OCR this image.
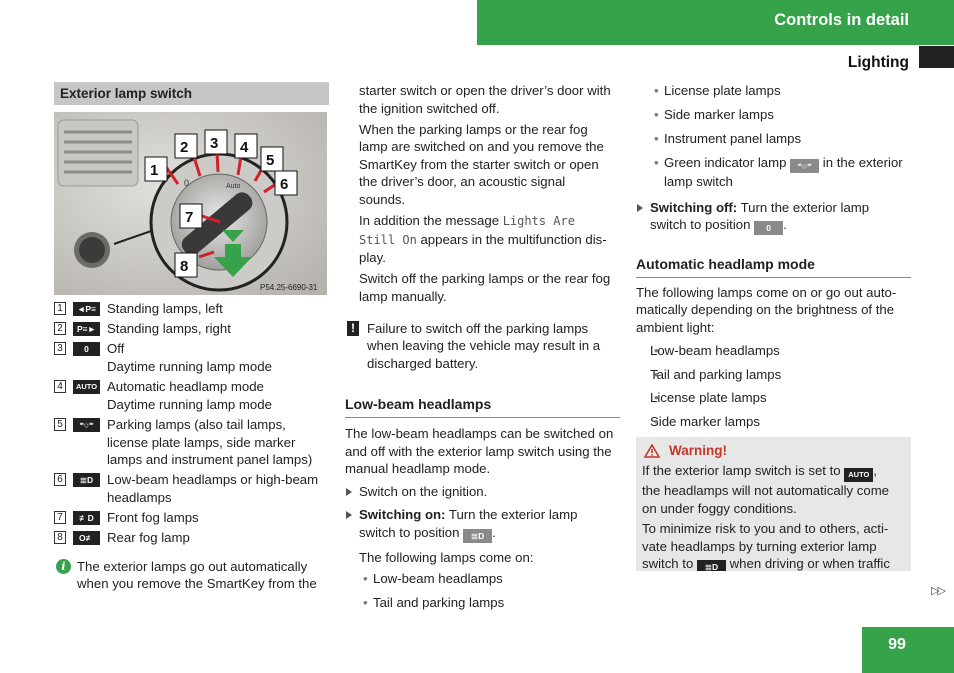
Controls in detail
Lighting
Exterior lamp switch
0	Auto
1
2 3 4
5
6
7
8
P54.25-6690-31
1	◄P≡ Standing lamps, left
2	P≡► Standing lamps, right
3	0	Off
Daytime running lamp mode
4	AUTO Automatic headlamp mode
Daytime running lamp mode
5	⁼○⁼	Parking lamps (also tail lamps,
license plate lamps, side marker
lamps and instrument panel lamps)
6	≣D	Low-beam headlamps or high-beam
headlamps
7	≢D Front fog lamps
8	O≢ Rear fog lamp
i The exterior lamps go out automatically
when you remove the SmartKey from the
starter switch or open the driver’s door with
the ignition switched off.
When the parking lamps or the rear fog
lamp are switched on and you remove the
SmartKey from the starter switch or open
the driver’s door, an acoustic signal
sounds.
In addition the message Lights Are
Still On appears in the multifunction dis-
play.
Switch off the parking lamps or the rear fog
lamp manually.
! Failure to switch off the parking lamps
when leaving the vehicle may result in a
discharged battery.
Low-beam headlamps
The low-beam headlamps can be switched on
and off with the exterior lamp switch using the
manual headlamp mode.
Switch on the ignition.
Switching on: Turn the exterior lamp
switch to position ≣D .
The following lamps come on:
• Low-beam headlamps
• Tail and parking lamps
• License plate lamps
• Side marker lamps
• Instrument panel lamps
• Green indicator lamp ⁼○⁼ in the exterior
lamp switch
Switching off: Turn the exterior lamp
switch to position 0 .
Automatic headlamp mode
The following lamps come on or go out auto-
matically depending on the brightness of the
ambient light:
• Low-beam headlamps
• Tail and parking lamps
• License plate lamps
• Side marker lamps
Warning!
If the exterior lamp switch is set to AUTO ,
the headlamps will not automatically come
on under foggy conditions.
To minimize risk to you and to others, acti-
vate headlamps by turning exterior lamp
switch to ≣D when driving or when traffic
▷▷
99
